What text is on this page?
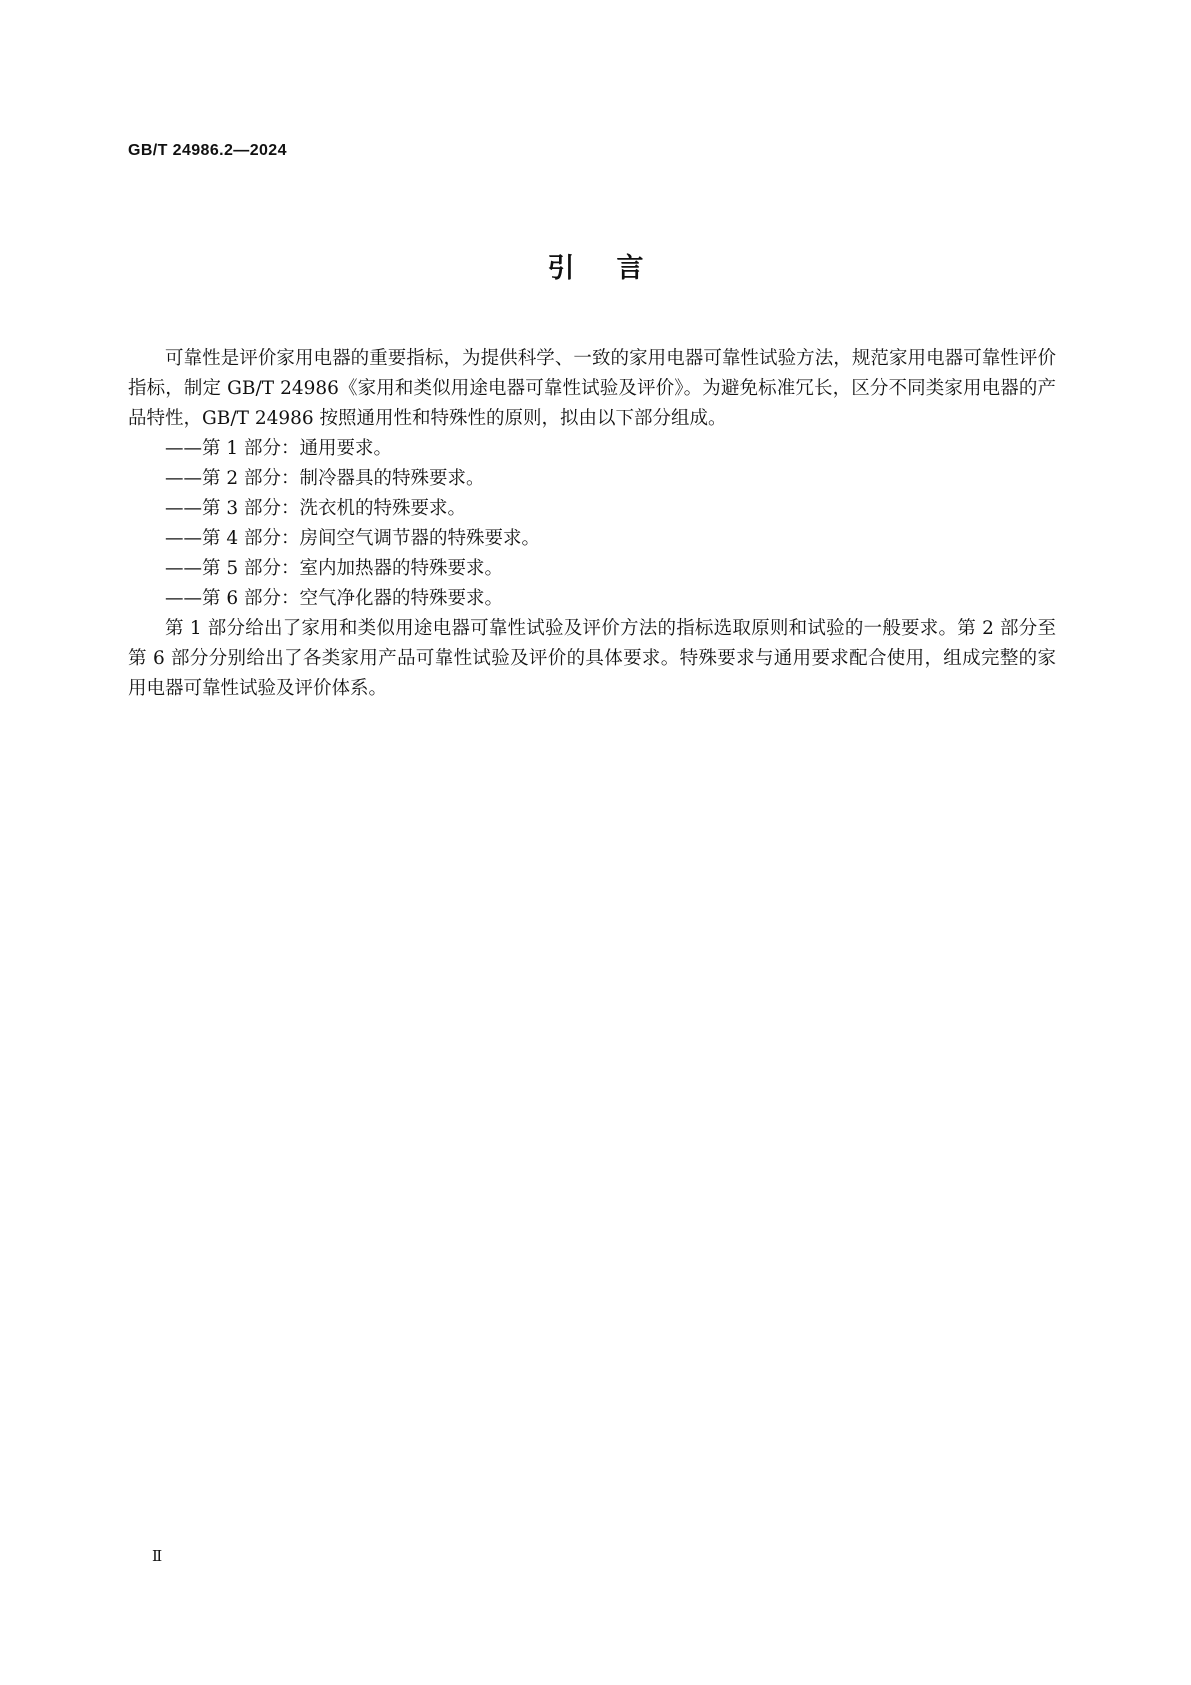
GB/T 24986.2—2024
引言

可靠性是评价家用电器的重要指标，为提供科学、一致的家用电器可靠性试验方法，规范家用电器可靠性评价指标，制定 GB/T 24986《家用和类似用途电器可靠性试验及评价》。为避免标准冗长，区分不同类家用电器的产品特性，GB/T 24986 按照通用性和特殊性的原则，拟由以下部分组成。

——第 1 部分：通用要求。

——第 2 部分：制冷器具的特殊要求。

——第 3 部分：洗衣机的特殊要求。

——第 4 部分：房间空气调节器的特殊要求。

——第 5 部分：室内加热器的特殊要求。

——第 6 部分：空气净化器的特殊要求。

第 1 部分给出了家用和类似用途电器可靠性试验及评价方法的指标选取原则和试验的一般要求。第 2 部分至第 6 部分分别给出了各类家用产品可靠性试验及评价的具体要求。特殊要求与通用要求配合使用，组成完整的家用电器可靠性试验及评价体系。

Ⅱ
